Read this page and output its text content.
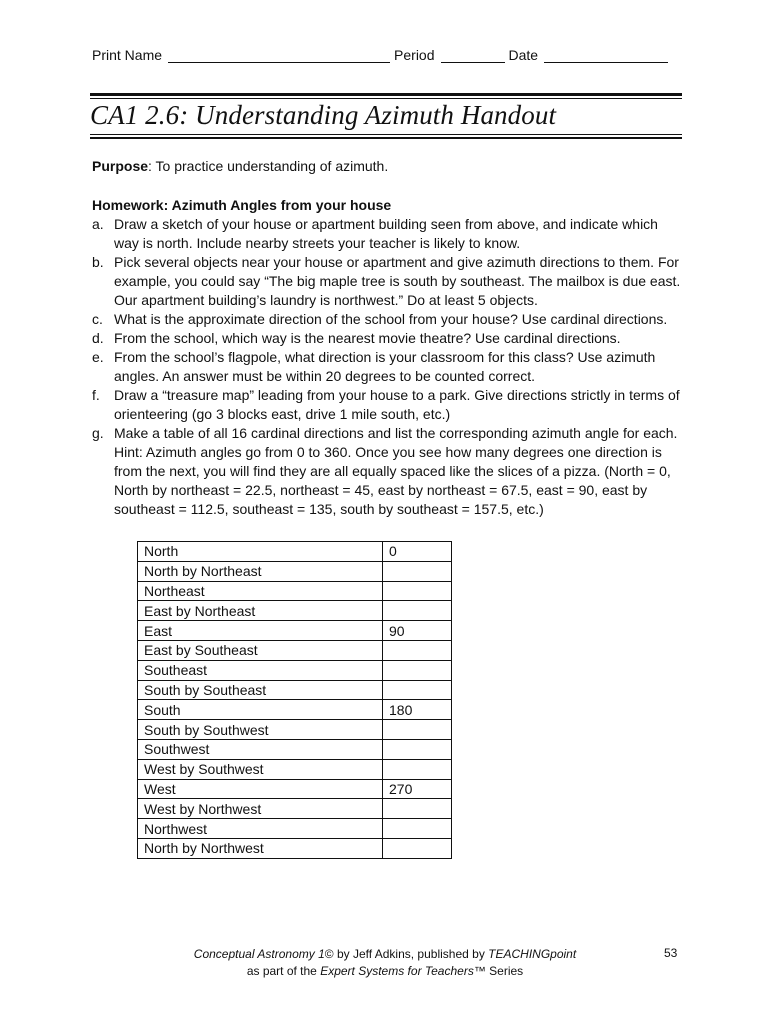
Print Name	Period	Date
CA1 2.6: Understanding Azimuth Handout
Purpose: To practice understanding of azimuth.
Homework: Azimuth Angles from your house
a. Draw a sketch of your house or apartment building seen from above, and indicate which way is north. Include nearby streets your teacher is likely to know.
b. Pick several objects near your house or apartment and give azimuth directions to them. For example, you could say “The big maple tree is south by southeast. The mailbox is due east. Our apartment building’s laundry is northwest.” Do at least 5 objects.
c. What is the approximate direction of the school from your house? Use cardinal directions.
d. From the school, which way is the nearest movie theatre? Use cardinal directions.
e. From the school’s flagpole, what direction is your classroom for this class? Use azimuth angles. An answer must be within 20 degrees to be counted correct.
f.	Draw a “treasure map” leading from your house to a park. Give directions strictly in terms of orienteering (go 3 blocks east, drive 1 mile south, etc.)
g. Make a table of all 16 cardinal directions and list the corresponding azimuth angle for each. Hint: Azimuth angles go from 0 to 360. Once you see how many degrees one direction is from the next, you will find they are all equally spaced like the slices of a pizza. (North = 0, North by northeast = 22.5, northeast = 45, east by northeast = 67.5, east = 90, east by southeast = 112.5, southeast = 135, south by southeast = 157.5, etc.)
North	0
North by Northeast	
Northeast	
East by Northeast	
East	90
East by Southeast	
Southeast	
South by Southeast	
South	180
South by Southwest	
Southwest	
West by Southwest	
West	270
West by Northwest	
Northwest	
North by Northwest	
Conceptual Astronomy 1© by Jeff Adkins, published by TEACHINGpoint
as part of the Expert Systems for Teachers™ Series
53
